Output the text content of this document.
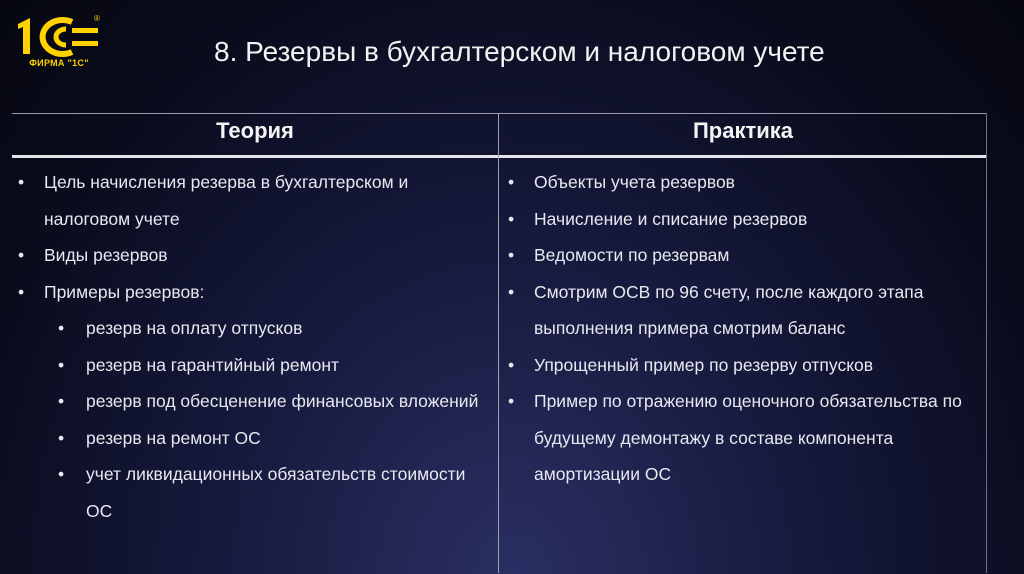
®
ФИРМА "1С"	8. Резервы в бухгалтерском и налоговом учете
Теория	Практика
• Цель начисления резерва в бухгалтерском и налоговом учете
• Виды резервов
• Примеры резервов:
• резерв на оплату отпусков
• резерв на гарантийный ремонт
• резерв под обесценение финансовых вложений
• резерв на ремонт ОС
• учет ликвидационных обязательств стоимости ОС
• Объекты учета резервов
• Начисление и списание резервов
• Ведомости по резервам
• Смотрим ОСВ по 96 счету, после каждого этапа выполнения примера смотрим баланс
• Упрощенный пример по резерву отпусков
• Пример по отражению оценочного обязательства по будущему демонтажу в составе компонента амортизации ОС
